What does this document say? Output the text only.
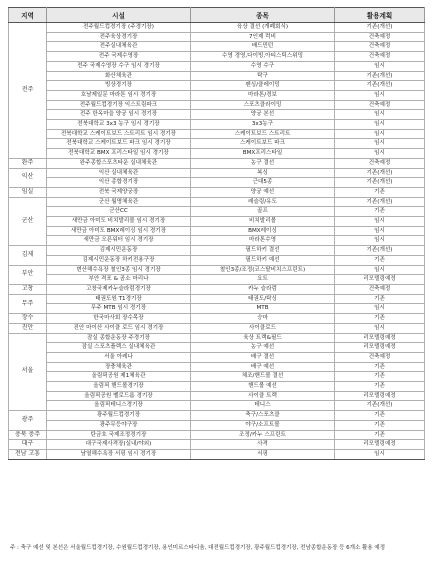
지역	시설	종목	활용계획
전주	전주월드컵경기장 (주경기장)	육상 결선 (개폐회식)	기존(개선)
	전주육상경기장	7인제 럭비	건축예정
	전주실내체육관	배드민턴	건축예정
	전주 국제수영장	수영 경영,다이빙,아티스틱스위밍	건축예정
	전주 국제수영장 수구 임시 경기장	수영 수구	임시
	화산체육관	탁구	기존(개선)
	빙상경기장	펜싱/클레이밍	기존(개선)
	호남제일문 마라톤 임시 경기장	마라톤/경보	임시
	전주월드컵경기장 익스트림파크	스포츠클라이밍	건축예정
	전주 한옥마을 양궁 임시 경기장	양궁 본선	임시
	전북대학교 3x3 농구 임시 경기장	3x3농구	임시
	전북대학교 스케이트보드 스트리트 임시 경기장	스케이트보드 스트리트	임시
	전북대학교 스케이트보드 파크 임시 경기장	스케이트보드 파크	임시
	전북대학교 BMX 프리스타일 임시 경기장	BMX프리스타일	임시
완주	완주종합스포츠타운 실내체육관	농구 결선	건축예정
익산	익산 실내체육관	복싱	기존(개선)
	익산 종합경기장	근대5종	기존(개선)
임실	전북 국제양궁장	양궁 예선	기존
군산	군산 월명체육관	레슬링/유도	기존(개선)
	군산CC	골프	기존
	새만금 아미도 비치발리볼 임시 경기장	비치발리볼	임시
	새만금 아미도 BMX레이싱 임시 경기장	BMX레이싱	임시
	새만금 오픈워터 임시 경기장	마라톤수영	임시
김제	김제시민운동장	필드하키 결선	기존(개선)
	김제시민운동장 하키전용구장	필드하키 예선	기존
부안	변산해수욕장 철인3종 임시 경기장	철인3종/조정(코스탈비치스프린트)	임시
	부안 격포 & 곰소 마리나	요트	리모델링예정
고창	고창국제카누슬라럼경기장	카누 슬라럼	건축예정
무주	태권도원 T1경기장	태권도/탁싱	기존
	무주 MTB 임시 경기장	MTB	임시
장수	한국마사회 장수목장	승마	기존
진안	진안 마이산 사이클 로드 임시 경기장	사이클로드	임시
서울	잠실 종합운동장 주경기장	육상 트랙&필드	리모델링예정
	잠실 스포츠플렉스 실내체육관	농구 예선	리모델링예정
	서울 아레나	배구 결선	건축예정
	장충체육관	배구 예선	기존
	올림픽공원 제1체육관	체조/핸드볼 결선	기존
	올림픽 핸드볼경기장	핸드볼 예선	기존
	올림픽공원 벨로드롬 경기장	사이클 트랙	리모델링예정
	올림픽테니스경기장	테니스	기존(개선)
광주	광주월드컵경기장	축구/스포츠클	기존
	광주무등야구장	야구/소프트볼	기존
충북 충주	탄금호 국제조정경기장	조정/카누 스프린트	기존
대구	대구국제사격장(실내/야외)	사격	리모델링예정
전남 고흥	남열해수욕장 서핑 임시 경기장	서핑	임시
주 : 축구 예선 및 본선은 서울월드컵경기장, 수원월드컵경기장, 용인미르스타디움, 대전월드컵경기장, 광주월드컵경기장, 전남종합운동장 등 6개소 활용 예정
